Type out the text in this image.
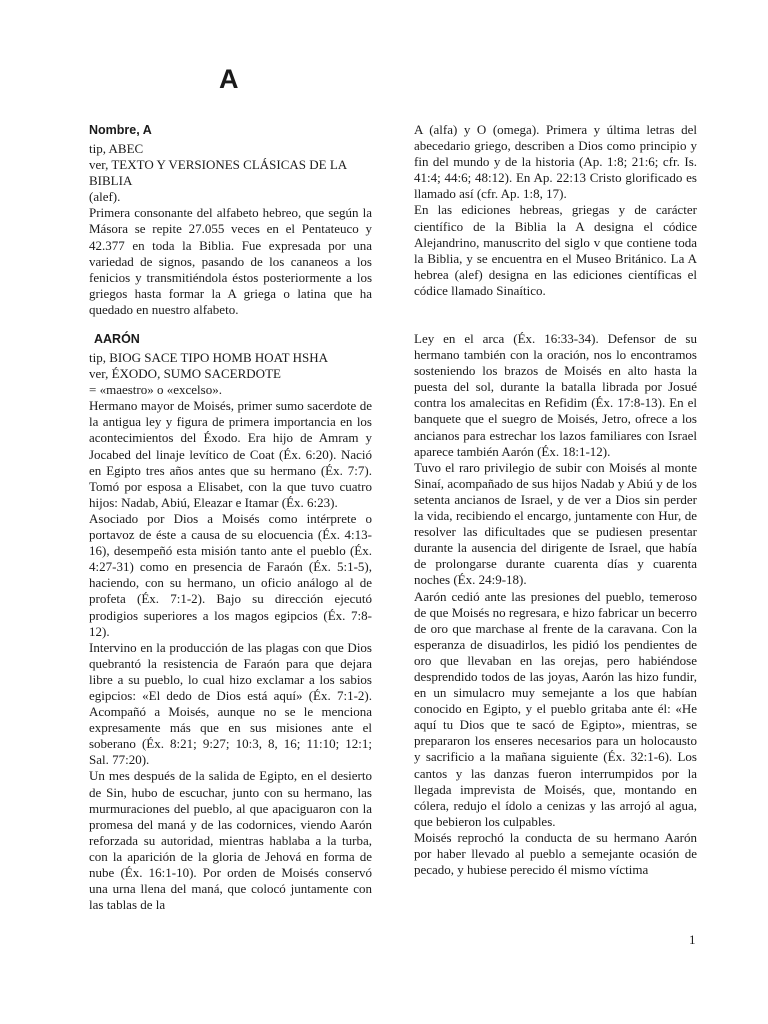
A
Nombre, A

tip, ABEC

ver, TEXTO Y VERSIONES CLÁSICAS DE LA BIBLIA

(alef).

Primera consonante del alfabeto hebreo, que según la Másora se repite 27.055 veces en el Pentateuco y 42.377 en toda la Biblia. Fue expresada por una variedad de signos, pasando de los cananeos a los fenicios y transmitiéndola éstos posteriormente a los griegos hasta formar la A griega o latina que ha quedado en nuestro alfabeto.

A (alfa) y O (omega). Primera y última letras del abecedario griego, describen a Dios como principio y fin del mundo y de la historia (Ap. 1:8; 21:6; cfr. Is. 41:4; 44:6; 48:12). En Ap. 22:13 Cristo glorificado es llamado así (cfr. Ap. 1:8, 17).

En las ediciones hebreas, griegas y de carácter científico de la Biblia la A designa el códice Alejandrino, manuscrito del siglo v que contiene toda la Biblia, y se encuentra en el Museo Británico. La A hebrea (alef) designa en las ediciones científicas el códice llamado Sinaítico.

AARÓN

tip, BIOG SACE TIPO HOMB HOAT HSHA

ver, ÉXODO, SUMO SACERDOTE

= «maestro» o «excelso».

Hermano mayor de Moisés, primer sumo sacerdote de la antigua ley y figura de primera importancia en los acontecimientos del Éxodo. Era hijo de Amram y Jocabed del linaje levítico de Coat (Éx. 6:20). Nació en Egipto tres años antes que su hermano (Éx. 7:7). Tomó por esposa a Elisabet, con la que tuvo cuatro hijos: Nadab, Abiú, Eleazar e Itamar (Éx. 6:23).

Asociado por Dios a Moisés como intérprete o portavoz de éste a causa de su elocuencia (Éx. 4:13-16), desempeñó esta misión tanto ante el pueblo (Éx. 4:27-31) como en presencia de Faraón (Éx. 5:1-5), haciendo, con su hermano, un oficio análogo al de profeta (Éx. 7:1-2). Bajo su dirección ejecutó prodigios superiores a los magos egipcios (Éx. 7:8-12).

Intervino en la producción de las plagas con que Dios quebrantó la resistencia de Faraón para que dejara libre a su pueblo, lo cual hizo exclamar a los sabios egipcios: «El dedo de Dios está aquí» (Éx. 7:1-2). Acompañó a Moisés, aunque no se le menciona expresamente más que en sus misiones ante el soberano (Éx. 8:21; 9:27; 10:3, 8, 16; 11:10; 12:1; Sal. 77:20).

Un mes después de la salida de Egipto, en el desierto de Sin, hubo de escuchar, junto con su hermano, las murmuraciones del pueblo, al que apaciguaron con la promesa del maná y de las codornices, viendo Aarón reforzada su autoridad, mientras hablaba a la turba, con la aparición de la gloria de Jehová en forma de nube (Éx. 16:1-10). Por orden de Moisés conservó una urna llena del maná, que colocó juntamente con las tablas de la

Ley en el arca (Éx. 16:33-34). Defensor de su hermano también con la oración, nos lo encontramos sosteniendo los brazos de Moisés en alto hasta la puesta del sol, durante la batalla librada por Josué contra los amalecitas en Refidim (Éx. 17:8-13). En el banquete que el suegro de Moisés, Jetro, ofrece a los ancianos para estrechar los lazos familiares con Israel aparece también Aarón (Éx. 18:1-12).

Tuvo el raro privilegio de subir con Moisés al monte Sinaí, acompañado de sus hijos Nadab y Abiú y de los setenta ancianos de Israel, y de ver a Dios sin perder la vida, recibiendo el encargo, juntamente con Hur, de resolver las dificultades que se pudiesen presentar durante la ausencia del dirigente de Israel, que había de prolongarse durante cuarenta días y cuarenta noches (Éx. 24:9-18).

Aarón cedió ante las presiones del pueblo, temeroso de que Moisés no regresara, e hizo fabricar un becerro de oro que marchase al frente de la caravana. Con la esperanza de disuadirlos, les pidió los pendientes de oro que llevaban en las orejas, pero habiéndose desprendido todos de las joyas, Aarón las hizo fundir, en un simulacro muy semejante a los que habían conocido en Egipto, y el pueblo gritaba ante él: «He aquí tu Dios que te sacó de Egipto», mientras, se prepararon los enseres necesarios para un holocausto y sacrificio a la mañana siguiente (Éx. 32:1-6). Los cantos y las danzas fueron interrumpidos por la llegada imprevista de Moisés, que, montando en cólera, redujo el ídolo a cenizas y las arrojó al agua, que bebieron los culpables.

Moisés reprochó la conducta de su hermano Aarón por haber llevado al pueblo a semejante ocasión de pecado, y hubiese perecido él mismo víctima

1
